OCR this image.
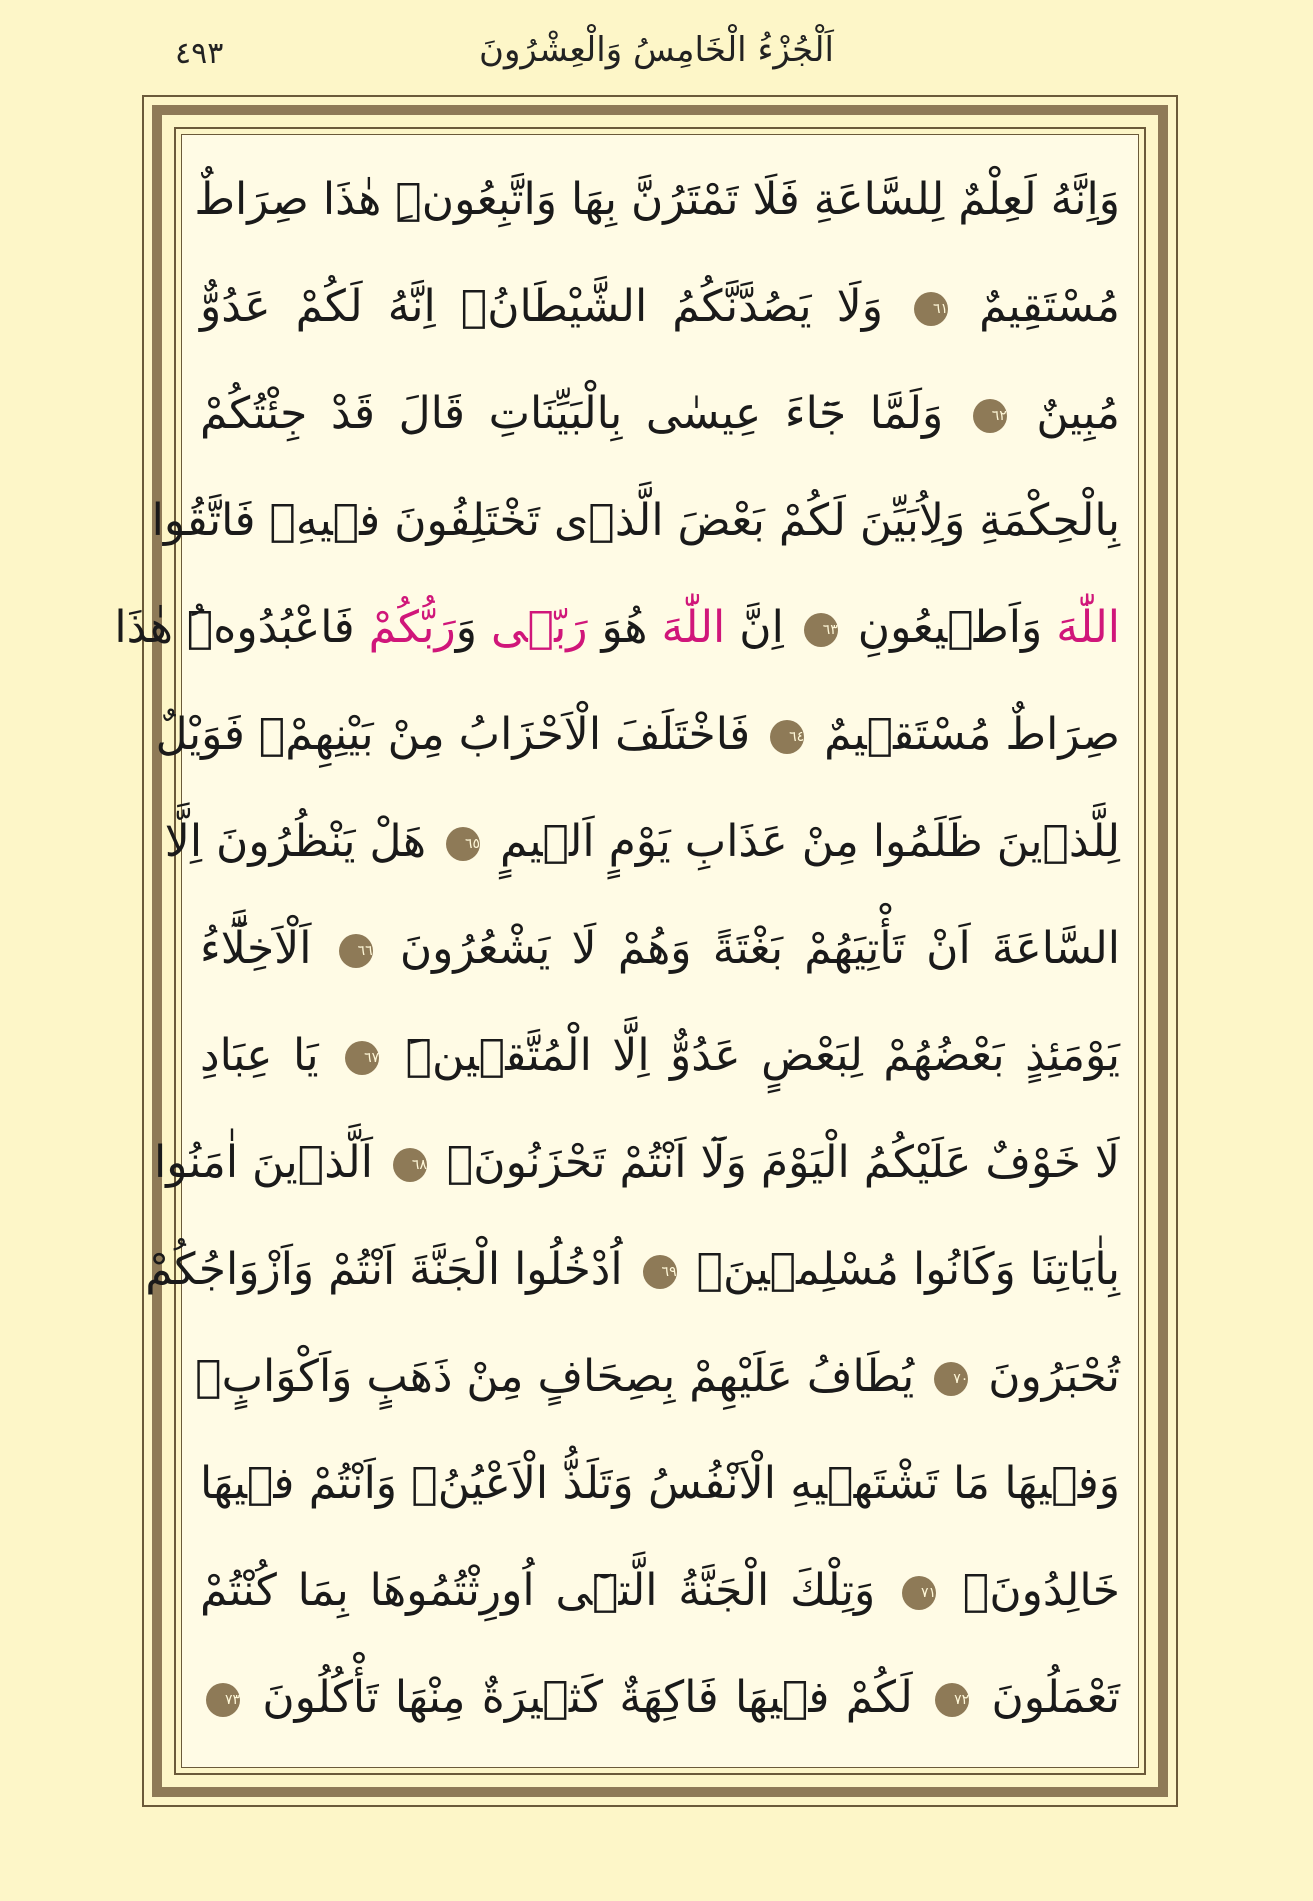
اَلْجُزْءُ الْخَامِسُ وَالْعِشْرُونَ
٤٩٣
وَاِنَّهُ لَعِلْمٌ لِلسَّاعَةِ فَلَا تَمْتَرُنَّ بِهَا وَاتَّبِعُونِۜ هٰذَا صِرَاطٌ
مُسْتَقِيمٌ ٦١ وَلَا يَصُدَّنَّكُمُ الشَّيْطَانُۚ اِنَّهُ لَكُمْ عَدُوٌّ
مُبِينٌ ٦٢ وَلَمَّا جَٓاءَ عِيسٰى بِالْبَيِّنَاتِ قَالَ قَدْ جِئْتُكُمْ
بِالْحِكْمَةِ وَلِاُبَيِّنَ لَكُمْ بَعْضَ الَّذٖى تَخْتَلِفُونَ فٖيهِۚ فَاتَّقُوا
اللّٰهَ وَاَطٖيعُونِ ٦٣ اِنَّ اللّٰهَ هُوَ رَبّٖى وَرَبُّكُمْ فَاعْبُدُوهُۜ هٰذَا
صِرَاطٌ مُسْتَقٖيمٌ ٦٤ فَاخْتَلَفَ الْاَحْزَابُ مِنْ بَيْنِهِمْۚ فَوَيْلٌ
لِلَّذٖينَ ظَلَمُوا مِنْ عَذَابِ يَوْمٍ اَلٖيمٍ ٦٥ هَلْ يَنْظُرُونَ اِلَّا
السَّاعَةَ اَنْ تَأْتِيَهُمْ بَغْتَةً وَهُمْ لَا يَشْعُرُونَ ٦٦ اَلْاَخِلَّٓاءُ
يَوْمَئِذٍ بَعْضُهُمْ لِبَعْضٍ عَدُوٌّ اِلَّا الْمُتَّقٖينَۜ ٦٧ يَا عِبَادِ
لَا خَوْفٌ عَلَيْكُمُ الْيَوْمَ وَلَٓا اَنْتُمْ تَحْزَنُونَۚ ٦٨ اَلَّذٖينَ اٰمَنُوا
بِاٰيَاتِنَا وَكَانُوا مُسْلِمٖينَۚ ٦٩ اُدْخُلُوا الْجَنَّةَ اَنْتُمْ وَاَزْوَاجُكُمْ
تُحْبَرُونَ ٧٠ يُطَافُ عَلَيْهِمْ بِصِحَافٍ مِنْ ذَهَبٍ وَاَكْوَابٍۚ
وَفٖيهَا مَا تَشْتَهٖيهِ الْاَنْفُسُ وَتَلَذُّ الْاَعْيُنُۚ وَاَنْتُمْ فٖيهَا
خَالِدُونَۚ ٧١ وَتِلْكَ الْجَنَّةُ الَّتٖٓى اُورِثْتُمُوهَا بِمَا كُنْتُمْ
تَعْمَلُونَ ٧٢ لَكُمْ فٖيهَا فَاكِهَةٌ كَثٖيرَةٌ مِنْهَا تَأْكُلُونَ ٧٣
